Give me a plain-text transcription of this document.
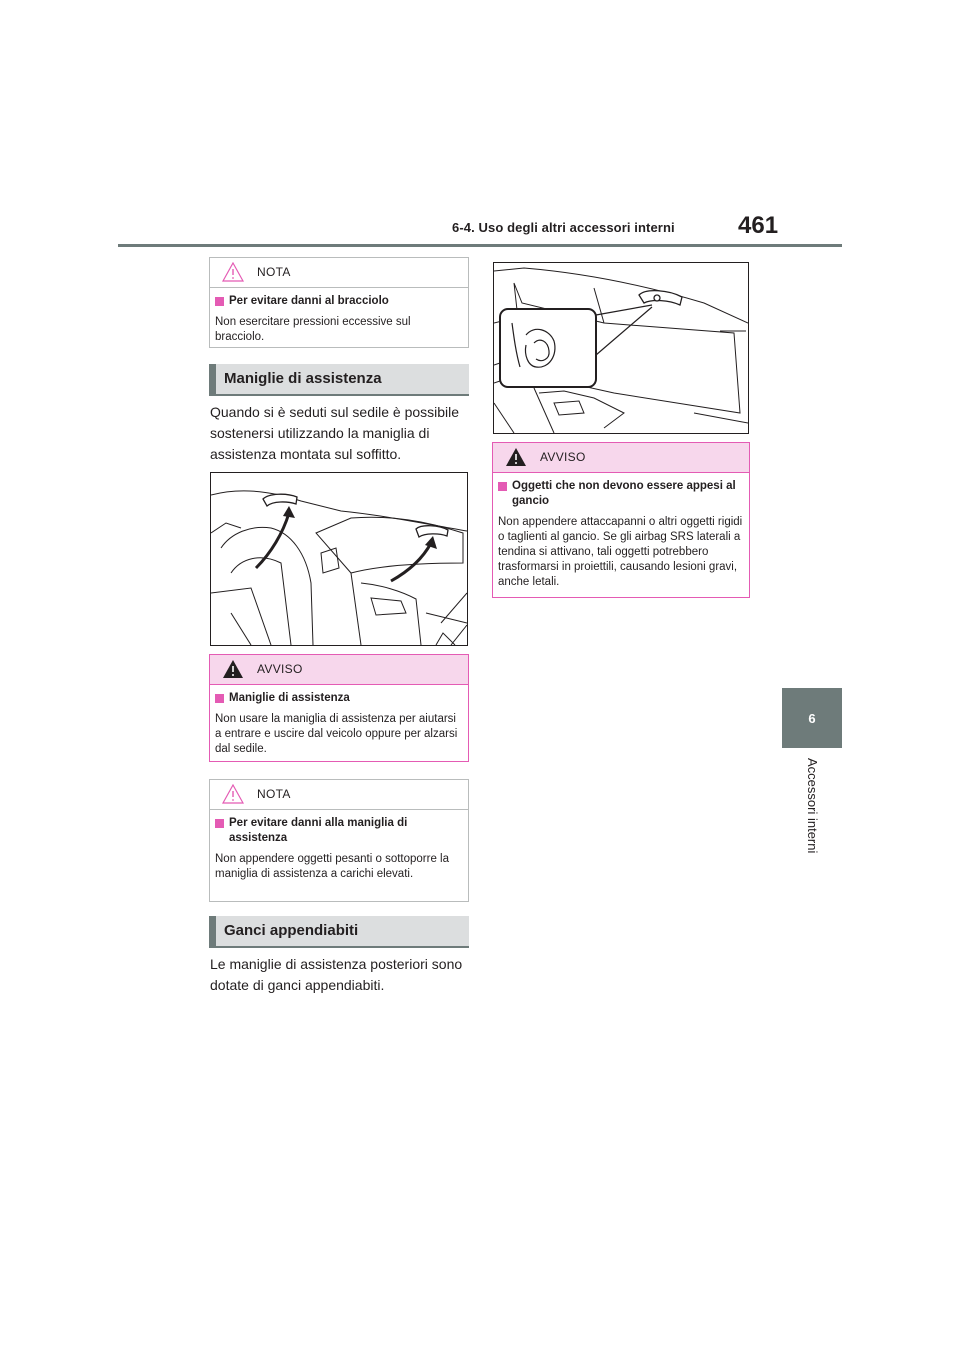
6-4. Uso degli altri accessori interni	461
6
Accessori interni
NOTA
Per evitare danni al bracciolo
Non esercitare pressioni eccessive sul bracciolo.
Maniglie di assistenza
Quando si è seduti sul sedile è possibile sostenersi utilizzando la maniglia di assistenza montata sul soffitto.
AVVISO
Maniglie di assistenza
Non usare la maniglia di assistenza per aiutarsi a entrare e uscire dal veicolo oppure per alzarsi dal sedile.
NOTA
Per evitare danni alla maniglia di assistenza
Non appendere oggetti pesanti o sottoporre la maniglia di assistenza a carichi elevati.
Ganci appendiabiti
Le maniglie di assistenza posteriori sono dotate di ganci appendiabiti.
AVVISO
Oggetti che non devono essere appesi al gancio
Non appendere attaccapanni o altri oggetti rigidi o taglienti al gancio. Se gli airbag SRS laterali a tendina si attivano, tali oggetti potrebbero trasformarsi in proiettili, causando lesioni gravi, anche letali.
